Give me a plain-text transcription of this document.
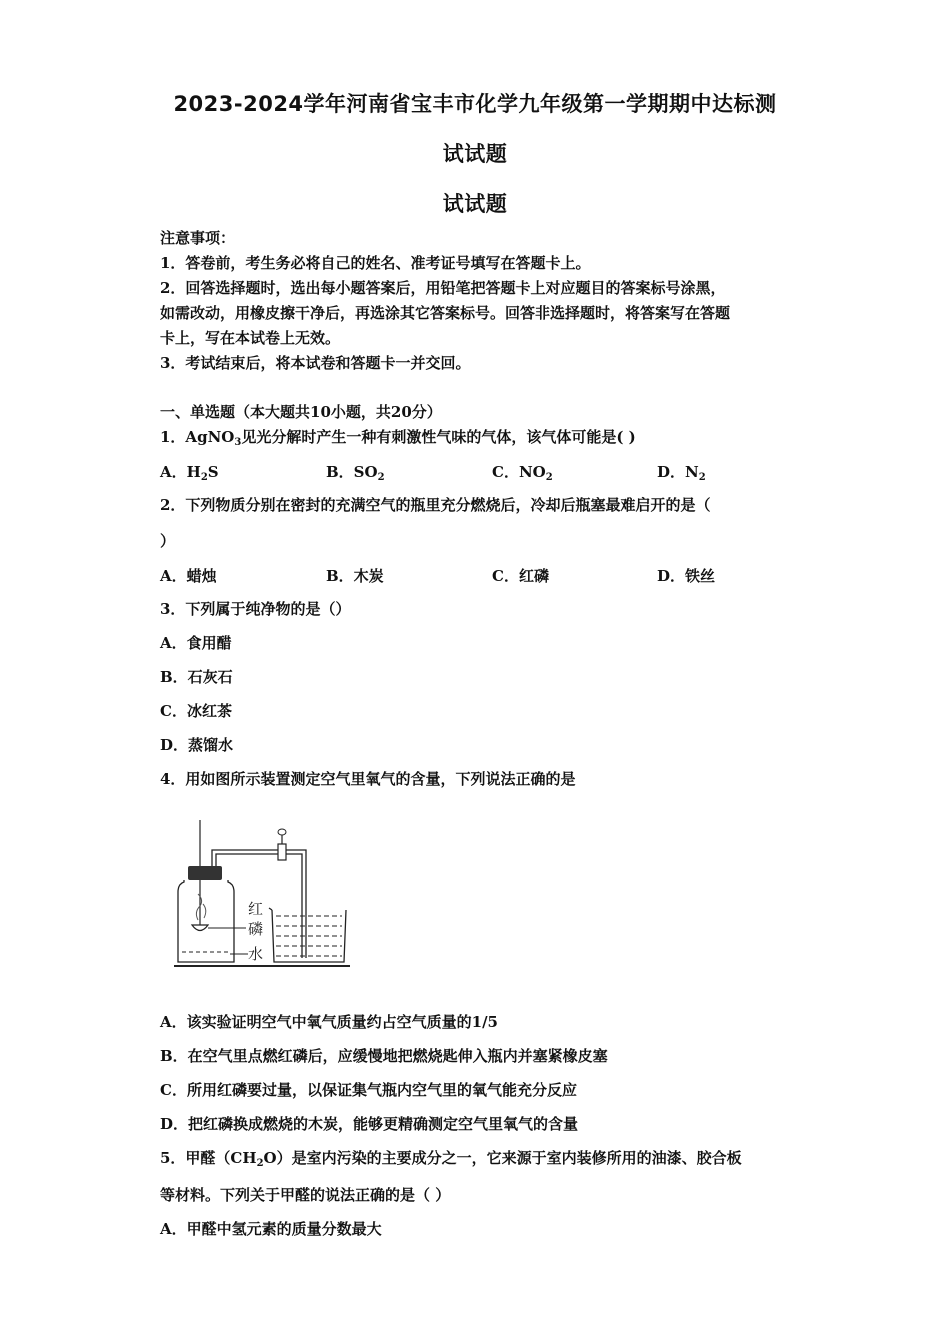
2023-2024学年河南省宝丰市化学九年级第一学期期中达标测
试试题
试试题
注意事项：
1．答卷前，考生务必将自己的姓名、准考证号填写在答题卡上。
2．回答选择题时，选出每小题答案后，用铅笔把答题卡上对应题目的答案标号涂黑，
如需改动，用橡皮擦干净后，再选涂其它答案标号。回答非选择题时，将答案写在答题
卡上，写在本试卷上无效。
3．考试结束后，将本试卷和答题卡一并交回。
一、单选题（本大题共10小题，共20分）
1．AgNO$_3$见光分解时产生一种有刺激性气味的气体，该气体可能是( )
A．$H_2S$	B．$SO_2$	C．$NO_2$	D．$N_2$
2．下列物质分别在密封的充满空气的瓶里充分燃烧后，冷却后瓶塞最难启开的是（
）
A．蜡烛	B．木炭	C．红磷	D．铁丝
3．下列属于纯净物的是（）
A．食用醋
B．石灰石
C．冰红茶
D．蒸馏水
4．用如图所示装置测定空气里氧气的含量，下列说法正确的是
红
磷
水
A．该实验证明空气中氧气质量约占空气质量的1/5
B．在空气里点燃红磷后，应缓慢地把燃烧匙伸入瓶内并塞紧橡皮塞
C．所用红磷要过量，以保证集气瓶内空气里的氧气能充分反应
D．把红磷换成燃烧的木炭，能够更精确测定空气里氧气的含量
5．甲醛$(CH_2O)$是室内污染的主要成分之一，它来源于室内装修所用的油漆、胶合板
等材料。下列关于甲醛的说法正确的是（ ）
A．甲醛中氢元素的质量分数最大
